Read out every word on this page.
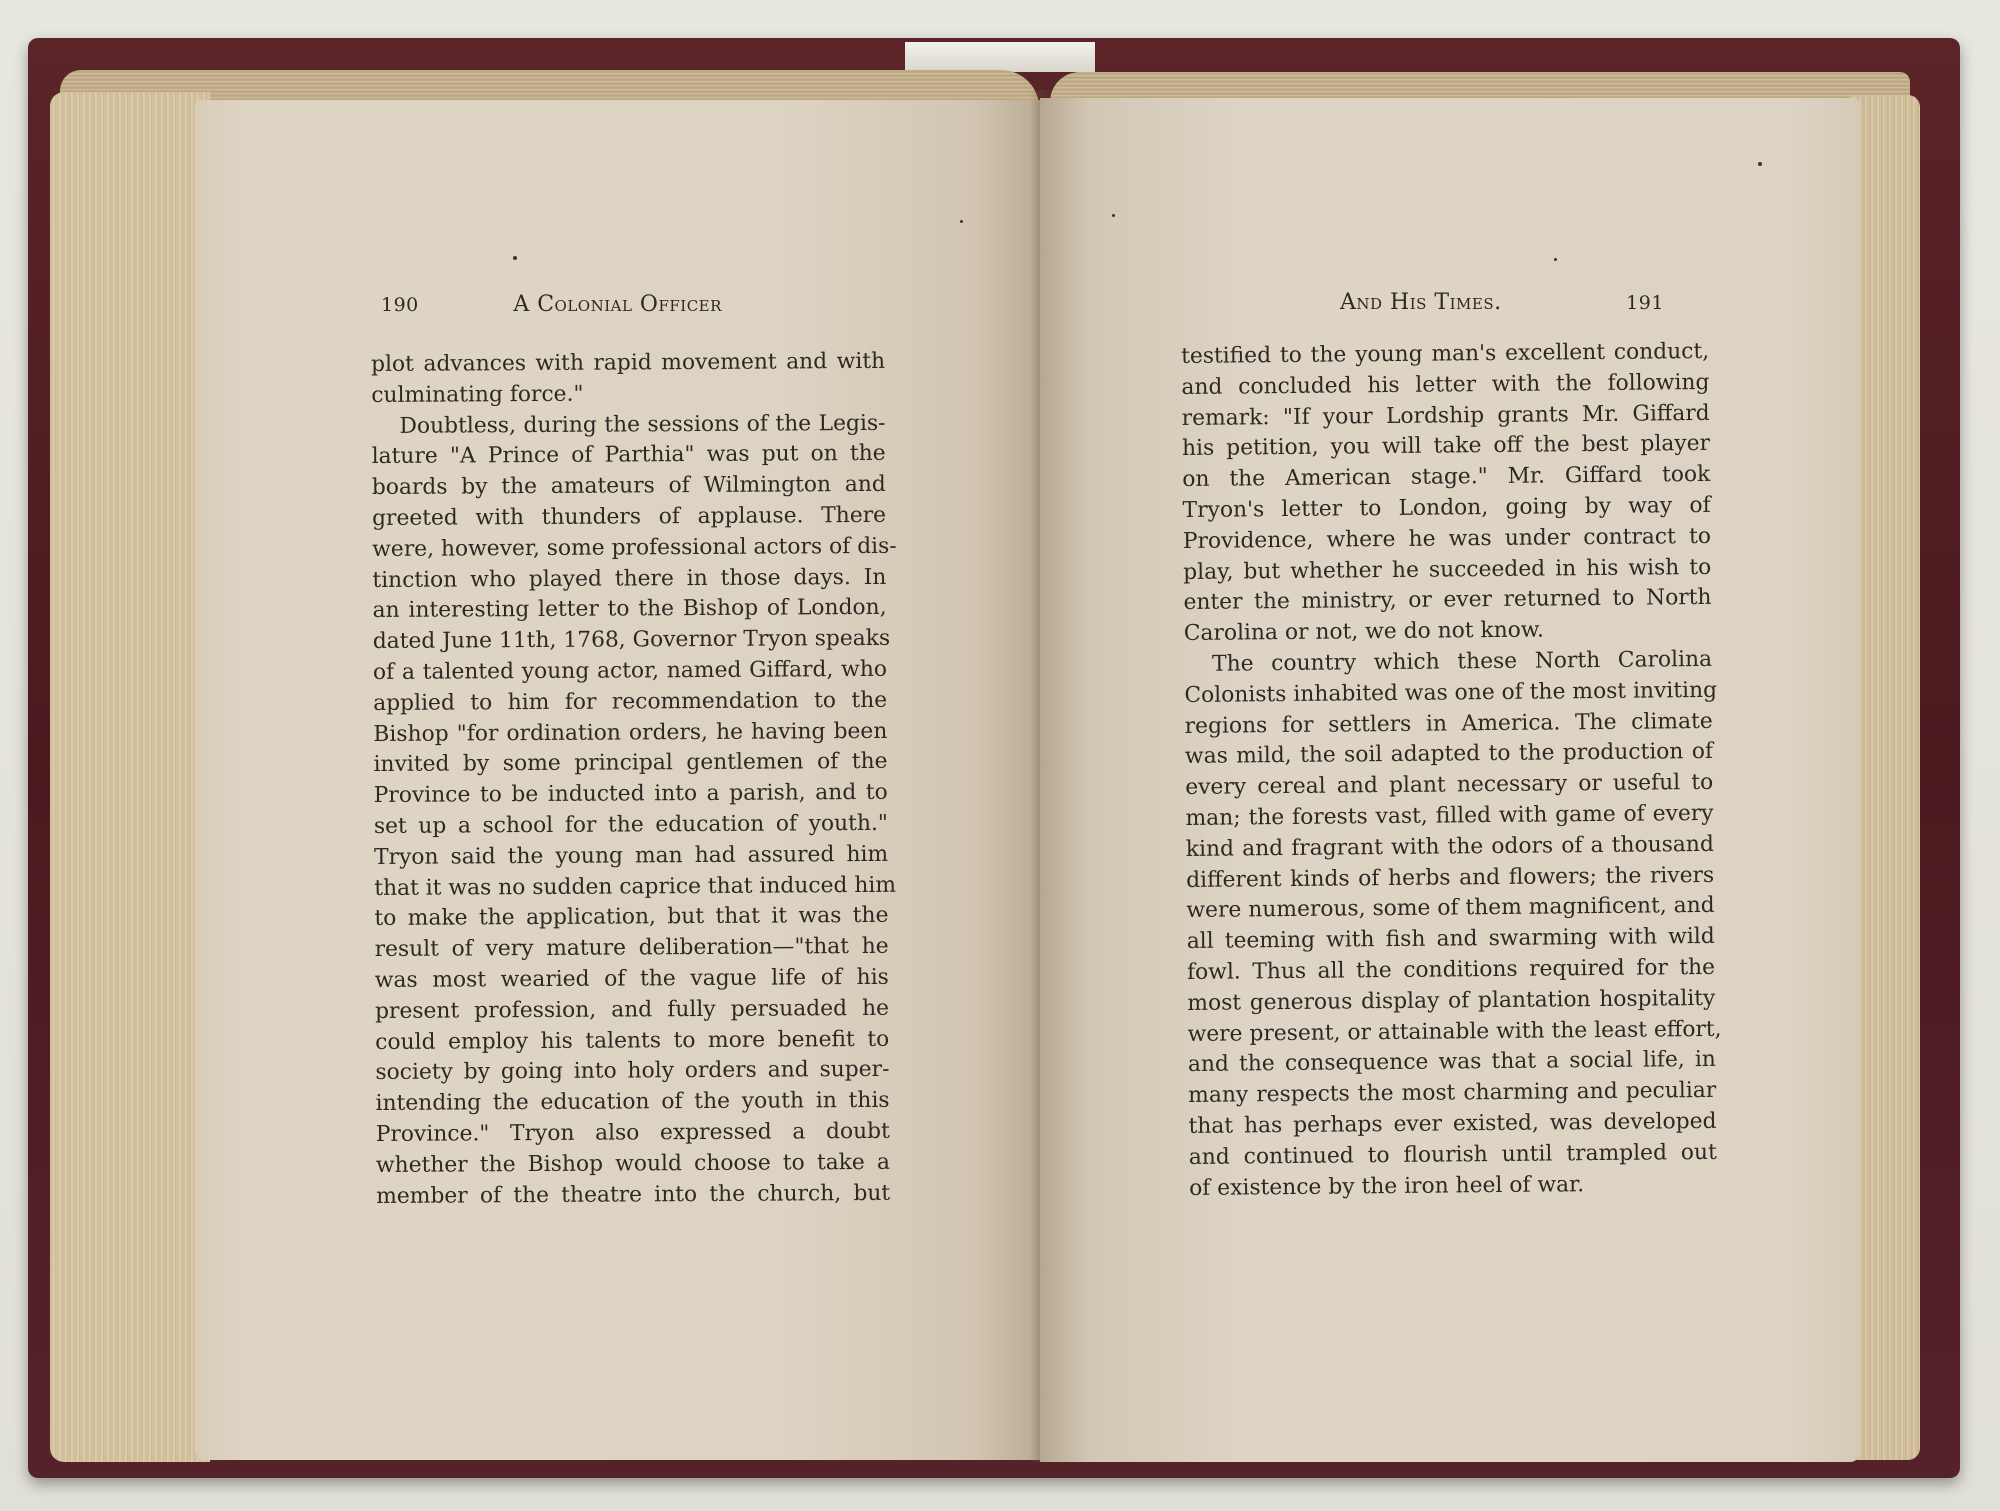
190	A Colonial Officer
plot advances with rapid movement and with
culminating force."
Doubtless, during the sessions of the Legis-
lature "A Prince of Parthia" was put on the
boards by the amateurs of Wilmington and
greeted with thunders of applause. There
were, however, some professional actors of dis-
tinction who played there in those days. In
an interesting letter to the Bishop of London,
dated June 11th, 1768, Governor Tryon speaks
of a talented young actor, named Giffard, who
applied to him for recommendation to the
Bishop "for ordination orders, he having been
invited by some principal gentlemen of the
Province to be inducted into a parish, and to
set up a school for the education of youth."
Tryon said the young man had assured him
that it was no sudden caprice that induced him
to make the application, but that it was the
result of very mature deliberation—"that he
was most wearied of the vague life of his
present profession, and fully persuaded he
could employ his talents to more benefit to
society by going into holy orders and super-
intending the education of the youth in this
Province." Tryon also expressed a doubt
whether the Bishop would choose to take a
member of the theatre into the church, but
And His Times.	191
testified to the young man's excellent conduct,
and concluded his letter with the following
remark: "If your Lordship grants Mr. Giffard
his petition, you will take off the best player
on the American stage." Mr. Giffard took
Tryon's letter to London, going by way of
Providence, where he was under contract to
play, but whether he succeeded in his wish to
enter the ministry, or ever returned to North
Carolina or not, we do not know.
The country which these North Carolina
Colonists inhabited was one of the most inviting
regions for settlers in America. The climate
was mild, the soil adapted to the production of
every cereal and plant necessary or useful to
man; the forests vast, filled with game of every
kind and fragrant with the odors of a thousand
different kinds of herbs and flowers; the rivers
were numerous, some of them magnificent, and
all teeming with fish and swarming with wild
fowl. Thus all the conditions required for the
most generous display of plantation hospitality
were present, or attainable with the least effort,
and the consequence was that a social life, in
many respects the most charming and peculiar
that has perhaps ever existed, was developed
and continued to flourish until trampled out
of existence by the iron heel of war.
